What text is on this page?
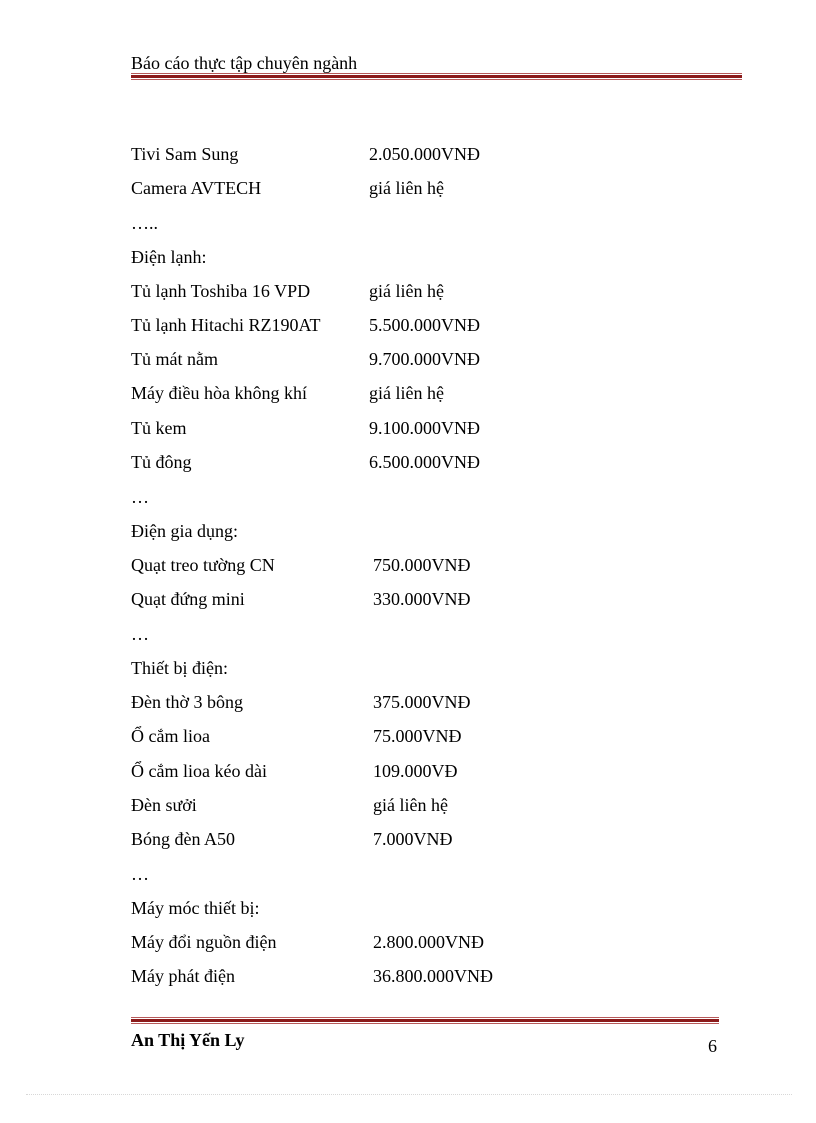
Báo cáo thực tập chuyên ngành
Tivi Sam Sung	2.050.000VNĐ
Camera AVTECH	giá liên hệ
…..
Điện lạnh:
Tủ lạnh Toshiba 16 VPD	giá liên hệ
Tủ lạnh Hitachi RZ190AT	5.500.000VNĐ
Tủ mát nằm	9.700.000VNĐ
Máy điều hòa không khí	giá liên hệ
Tủ kem	9.100.000VNĐ
Tủ đông	6.500.000VNĐ
…
Điện gia dụng:
Quạt treo tường CN	750.000VNĐ
Quạt đứng mini	330.000VNĐ
…
Thiết bị điện:
Đèn thờ 3 bông	375.000VNĐ
Ổ cắm lioa	75.000VNĐ
Ổ cắm lioa kéo dài	109.000VĐ
Đèn sưởi	giá liên hệ
Bóng đèn A50	7.000VNĐ
…
Máy móc thiết bị:
Máy đổi nguồn điện	2.800.000VNĐ
Máy phát điện	36.800.000VNĐ
An Thị Yến Ly	6
